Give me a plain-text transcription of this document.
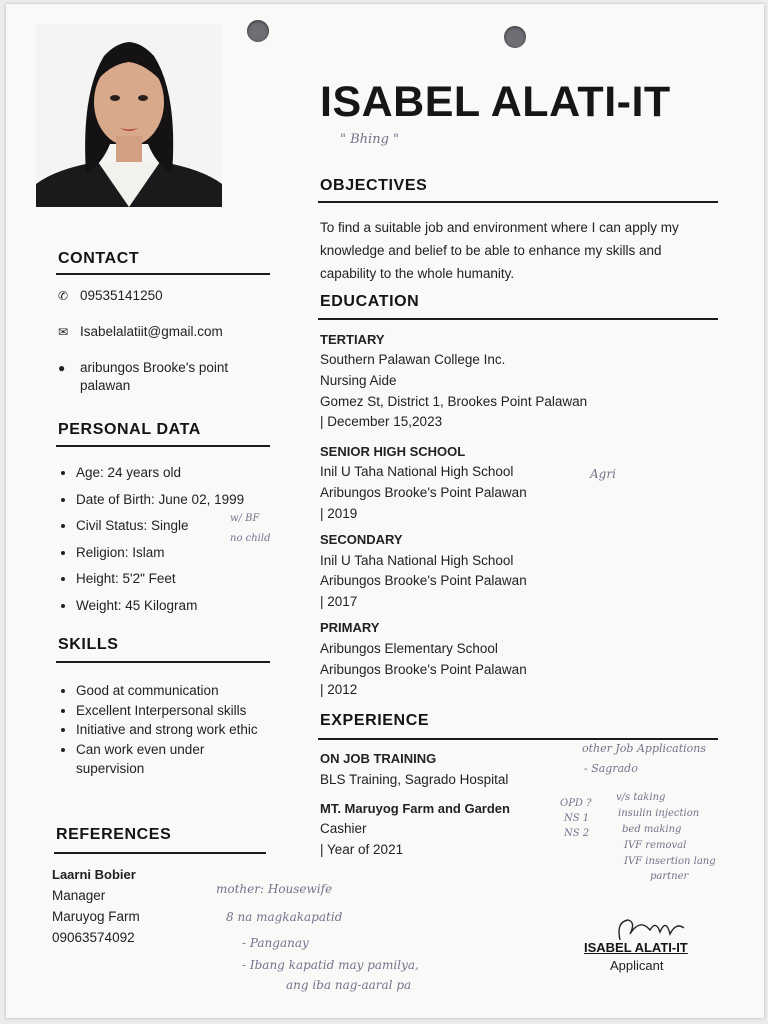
ISABEL ALATI-IT
" Bhing "
CONTACT
✆ 09535141250
✉ Isabelalatiit@gmail.com
●	aribungos Brooke's point
palawan
PERSONAL DATA
• Age: 24 years old
• Date of Birth: June 02, 1999
• Civil Status: Single
• Religion: Islam
• Height: 5'2" Feet
• Weight: 45 Kilogram
w/ BF
no child
SKILLS
• Good at communication
• Excellent Interpersonal skills
• Initiative and strong work ethic
• Can work even under supervision
REFERENCES
Laarni Bobier
Manager
Maruyog Farm
09063574092
OBJECTIVES
To find a suitable job and environment where I can apply my knowledge and belief to be able to enhance my skills and capability to the whole humanity.
EDUCATION
TERTIARY
Southern Palawan College Inc.
Nursing Aide
Gomez St, District 1, Brookes Point Palawan
| December 15,2023
SENIOR HIGH SCHOOL
Inil U Taha National High School
Aribungos Brooke's Point Palawan
| 2019
Agri
SECONDARY
Inil U Taha National High School
Aribungos Brooke's Point Palawan
| 2017
PRIMARY
Aribungos Elementary School
Aribungos Brooke's Point Palawan
| 2012
EXPERIENCE
ON JOB TRAINING
BLS Training, Sagrado Hospital
MT. Maruyog Farm and Garden
Cashier
| Year of 2021
other Job Applications
- Sagrado
OPD ?
NS 1
NS 2
v/s taking
insulin injection
bed making
IVF removal
IVF insertion lang
partner
mother: Housewife
8 na magkakapatid
- Panganay
- Ibang kapatid may pamilya,
ang iba nag-aaral pa
ISABEL ALATI-IT
Applicant
